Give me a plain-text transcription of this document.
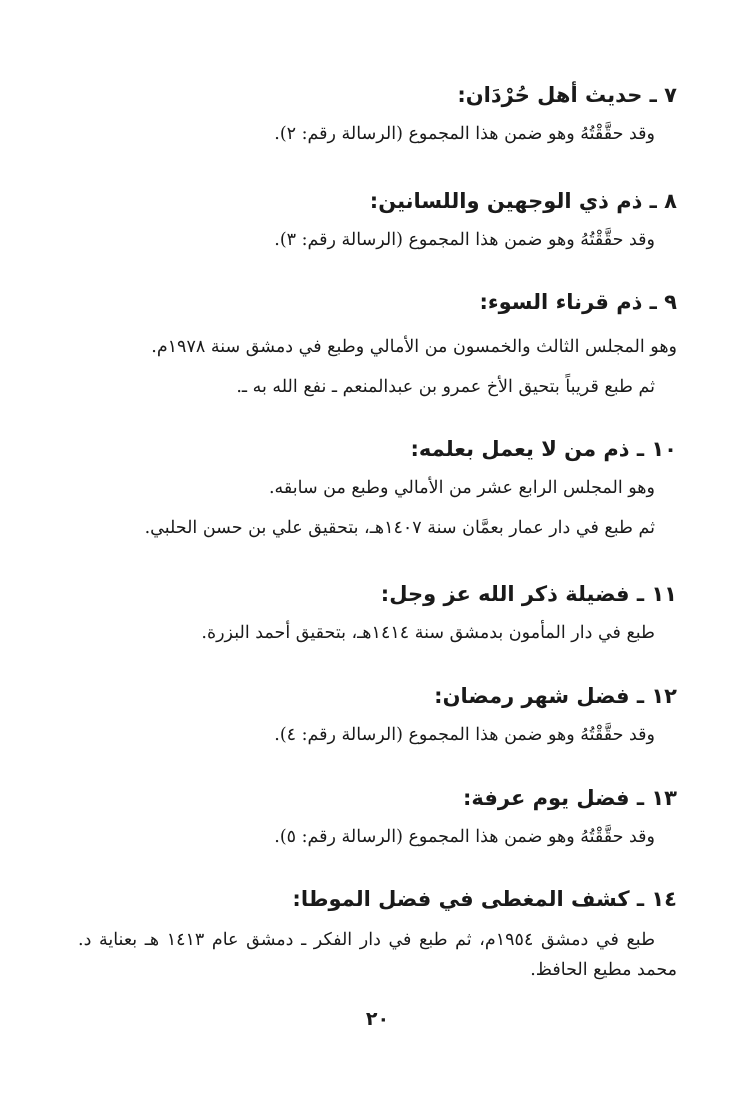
٧ ـ حديث أهل حُرْدَان:

وقد حقَّقْتُهُ وهو ضمن هذا المجموع (الرسالة رقم: ٢).

٨ ـ ذم ذي الوجهين واللسانين:

وقد حقَّقْتُهُ وهو ضمن هذا المجموع (الرسالة رقم: ٣).

٩ ـ ذم قرناء السوء:

وهو المجلس الثالث والخمسون من الأمالي وطبع في دمشق سنة ١٩٧٨م.

ثم طبع قريباً بتحيق الأخ عمرو بن عبدالمنعم ـ نفع الله به ـ.

١٠ ـ ذم من لا يعمل بعلمه:

وهو المجلس الرابع عشر من الأمالي وطبع من سابقه.

ثم طبع في دار عمار بعمَّان سنة ١٤٠٧هـ، بتحقيق علي بن حسن الحلبي.

١١ ـ فضيلة ذكر الله عز وجل:

طبع في دار المأمون بدمشق سنة ١٤١٤هـ، بتحقيق أحمد البزرة.

١٢ ـ فضل شهر رمضان:

وقد حقَّقْتُهُ وهو ضمن هذا المجموع (الرسالة رقم: ٤).

١٣ ـ فضل يوم عرفة:

وقد حقَّقْتُهُ وهو ضمن هذا المجموع (الرسالة رقم: ٥).

١٤ ـ كشف المغطى في فضل الموطا:

طبع في دمشق ١٩٥٤م، ثم طبع في دار الفكر ـ دمشق عام ١٤١٣ هـ بعناية د. محمد مطيع الحافظ.

٢٠
